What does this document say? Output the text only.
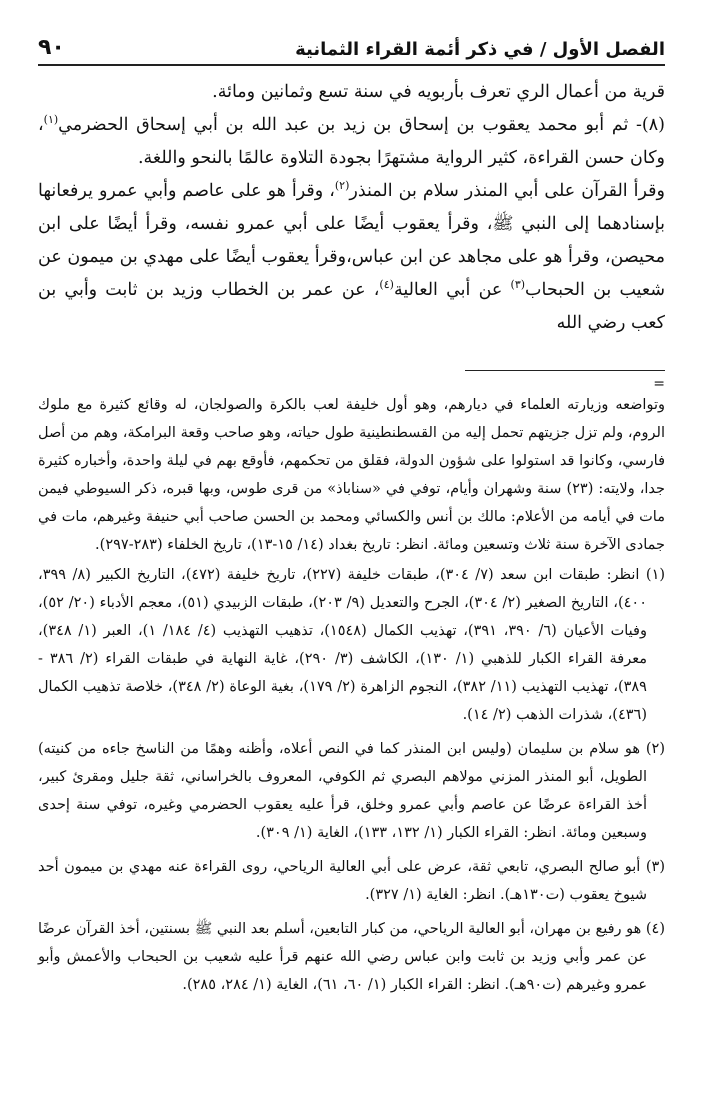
الفصل الأول / في ذكر أئمة القراء الثمانية
٩٠

قرية من أعمال الري تعرف بأربويه في سنة تسع وثمانين ومائة.

(٨)- ثم أبو محمد يعقوب بن إسحاق بن زيد بن عبد الله بن أبي إسحاق الحضرمي$^{(١)}$، وكان حسن القراءة، كثير الرواية مشتهرًا بجودة التلاوة عالمًا بالنحو واللغة.

وقرأ القرآن على أبي المنذر سلام بن المنذر$^{(٢)}$، وقرأ هو على عاصم وأبي عمرو يرفعانها بإسنادهما إلى النبي ﷺ، وقرأ يعقوب أيضًا على أبي عمرو نفسه، وقرأ أيضًا على ابن محيصن، وقرأ هو على مجاهد عن ابن عباس،وقرأ يعقوب أيضًا على مهدي بن ميمون عن شعيب بن الحبحاب$^{(٣)}$ عن أبي العالية$^{(٤)}$، عن عمر بن الخطاب وزيد بن ثابت وأبي بن كعب رضي الله

=

وتواضعه وزيارته العلماء في ديارهم، وهو أول خليفة لعب بالكرة والصولجان، له وقائع كثيرة مع ملوك الروم، ولم تزل جزيتهم تحمل إليه من القسطنطينية طول حياته، وهو صاحب وقعة البرامكة، وهم من أصل فارسي، وكانوا قد استولوا على شؤون الدولة، فقلق من تحكمهم، فأوقع بهم في ليلة واحدة، وأخباره كثيرة جدا، ولايته: (٢٣) سنة وشهران وأيام، توفي في «سناباذ» من قرى طوس، وبها قبره، ذكر السيوطي فيمن مات في أيامه من الأعلام: مالك بن أنس والكسائي ومحمد بن الحسن صاحب أبي حنيفة وغيرهم، مات في جمادى الآخرة سنة ثلاث وتسعين ومائة. انظر: تاريخ بغداد (١٤/ ١٥-١٣)، تاريخ الخلفاء (٢٨٣-٢٩٧).

(١) انظر: طبقات ابن سعد (٧/ ٣٠٤)، طبقات خليفة (٢٢٧)، تاريخ خليفة (٤٧٢)، التاريخ الكبير (٨/ ٣٩٩، ٤٠٠)، التاريخ الصغير (٢/ ٣٠٤)، الجرح والتعديل (٩/ ٢٠٣)، طبقات الزبيدي (٥١)، معجم الأدباء (٢٠/ ٥٢)، وفيات الأعيان (٦/ ٣٩٠، ٣٩١)، تهذيب الكمال (١٥٤٨)، تذهيب التهذيب (٤/ ١٨٤/ ١)، العبر (١/ ٣٤٨)، معرفة القراء الكبار للذهبي (١/ ١٣٠)، الكاشف (٣/ ٢٩٠)، غاية النهاية في طبقات القراء (٢/ ٣٨٦ - ٣٨٩)، تهذيب التهذيب (١١/ ٣٨٢)، النجوم الزاهرة (٢/ ١٧٩)، بغية الوعاة (٢/ ٣٤٨)، خلاصة تذهيب الكمال (٤٣٦)، شذرات الذهب (٢/ ١٤).

(٢) هو سلام بن سليمان (وليس ابن المنذر كما في النص أعلاه، وأظنه وهمًا من الناسخ جاءه من كنيته) الطويل، أبو المنذر المزني مولاهم البصري ثم الكوفي، المعروف بالخراساني، ثقة جليل ومقرئ كبير، أخذ القراءة عرضًا عن عاصم وأبي عمرو وخلق، قرأ عليه يعقوب الحضرمي وغيره، توفي سنة إحدى وسبعين ومائة. انظر: القراء الكبار (١/ ١٣٢، ١٣٣)، الغاية (١/ ٣٠٩).

(٣) أبو صالح البصري، تابعي ثقة، عرض على أبي العالية الرياحي، روى القراءة عنه مهدي بن ميمون أحد شيوخ يعقوب (ت١٣٠هـ). انظر: الغاية (١/ ٣٢٧).

(٤) هو رفيع بن مهران، أبو العالية الرياحي، من كبار التابعين، أسلم بعد النبي ﷺ بسنتين، أخذ القرآن عرضًا عن عمر وأبي وزيد بن ثابت وابن عباس رضي الله عنهم قرأ عليه شعيب بن الحبحاب والأعمش وأبو عمرو وغيرهم (ت٩٠هـ). انظر: القراء الكبار (١/ ٦٠، ٦١)، الغاية (١/ ٢٨٤، ٢٨٥).
